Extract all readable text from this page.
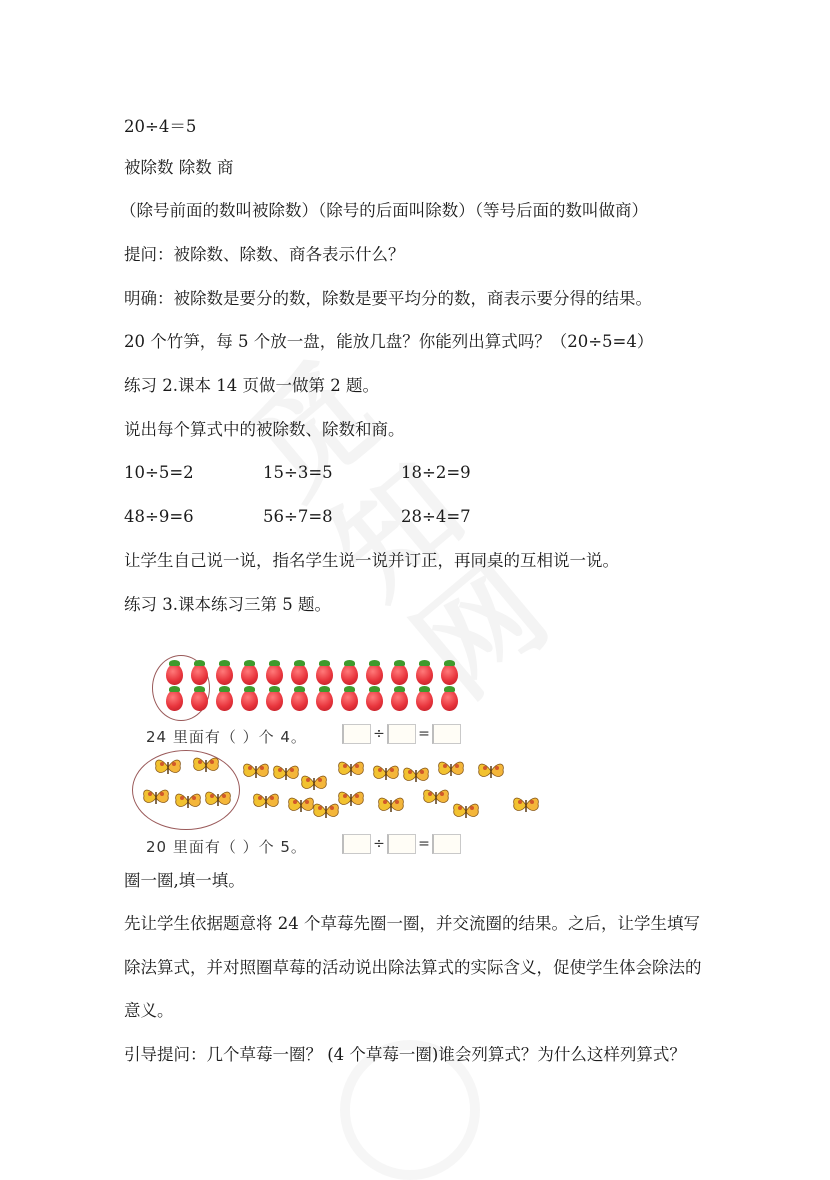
20÷4＝5
被除数 除数 商
（除号前面的数叫被除数）（除号的后面叫除数）（等号后面的数叫做商）
提问：被除数、除数、商各表示什么？
明确：被除数是要分的数，除数是要平均分的数，商表示要分得的结果。
20 个竹笋，每 5 个放一盘，能放几盘？你能列出算式吗？（20÷5=4）
练习 2.课本 14 页做一做第 2 题。
说出每个算式中的被除数、除数和商。
10÷5=2	15÷3=5	18÷2=9
48÷9=6	56÷7=8	28÷4=7
让学生自己说一说，指名学生说一说并订正，再同桌的互相说一说。
练习 3.课本练习三第 5 题。
24 里面有（ ）个 4。	÷ =
20 里面有（ ）个 5。	÷ =
圈一圈,填一填。
先让学生依据题意将 24 个草莓先圈一圈，并交流圈的结果。之后，让学生填写
除法算式，并对照圈草莓的活动说出除法算式的实际含义，促使学生体会除法的
意义。
引导提问：几个草莓一圈？ (4 个草莓一圈)谁会列算式？为什么这样列算式？
